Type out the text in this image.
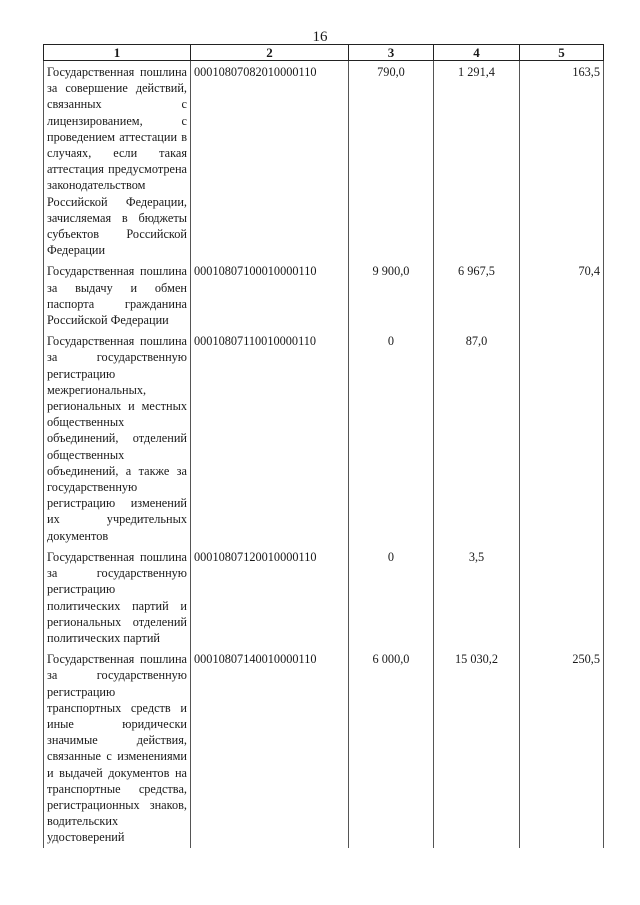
16
1	2	3	4	5
Государственная пошлина за совершение действий, связанных с лицензированием, с проведением аттестации в случаях, если такая аттестация предусмотрена законодательством Российской Федерации, зачисляемая в бюджеты субъектов Российской Федерации	00010807082010000110	790,0	1 291,4	163,5
Государственная пошлина за выдачу и обмен паспорта гражданина Российской Федерации	00010807100010000110	9 900,0	6 967,5	70,4
Государственная пошлина за государственную регистрацию межрегиональных, региональных и местных общественных объединений, отделений общественных объединений, а также за государственную регистрацию изменений их учредительных документов	00010807110010000110	0	87,0	
Государственная пошлина за государственную регистрацию политических партий и региональных отделений политических партий	00010807120010000110	0	3,5	
Государственная пошлина за государственную регистрацию транспортных средств и иные юридически значимые действия, связанные с изменениями и выдачей документов на транспортные средства, регистрационных знаков, водительских удостоверений	00010807140010000110	6 000,0	15 030,2	250,5
